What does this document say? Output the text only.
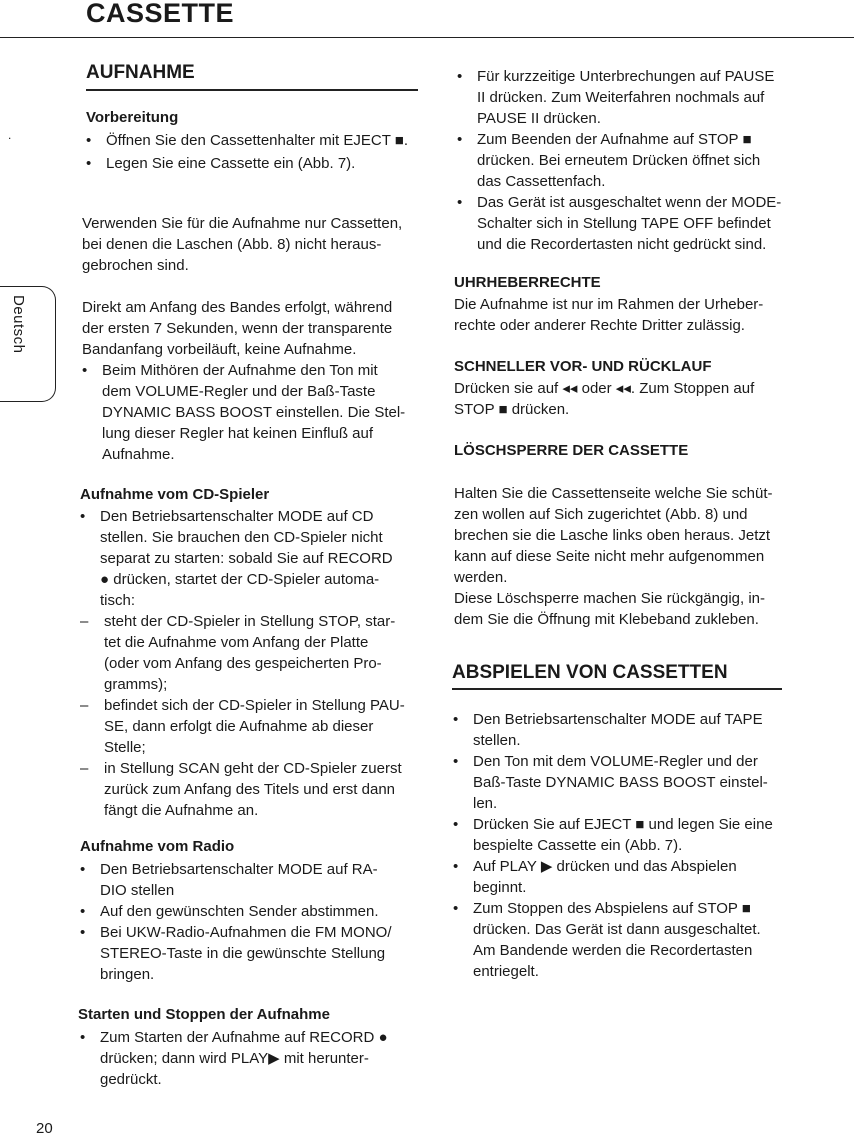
CASSETTE
.
Deutsch
AUFNAHME
Vorbereitung
• Öffnen Sie den Cassettenhalter mit EJECT ■.
• Legen Sie eine Cassette ein (Abb. 7).
Verwenden Sie für die Aufnahme nur Cassetten,
bei denen die Laschen (Abb. 8) nicht heraus-
gebrochen sind.
Direkt am Anfang des Bandes erfolgt, während
der ersten 7 Sekunden, wenn der transparente
Bandanfang vorbeiläuft, keine Aufnahme.
• Beim Mithören der Aufnahme den Ton mit
dem VOLUME-Regler und der Baß-Taste
DYNAMIC BASS BOOST einstellen. Die Stel-
lung dieser Regler hat keinen Einfluß auf
Aufnahme.
Aufnahme vom CD-Spieler
• Den Betriebsartenschalter MODE auf CD
stellen. Sie brauchen den CD-Spieler nicht
separat zu starten: sobald Sie auf RECORD
● drücken, startet der CD-Spieler automa-
tisch:
– steht der CD-Spieler in Stellung STOP, star-
tet die Aufnahme vom Anfang der Platte
(oder vom Anfang des gespeicherten Pro-
gramms);
– befindet sich der CD-Spieler in Stellung PAU-
SE, dann erfolgt die Aufnahme ab dieser
Stelle;
– in Stellung SCAN geht der CD-Spieler zuerst
zurück zum Anfang des Titels und erst dann
fängt die Aufnahme an.
Aufnahme vom Radio
• Den Betriebsartenschalter MODE auf RA-
DIO stellen
• Auf den gewünschten Sender abstimmen.
• Bei UKW-Radio-Aufnahmen die FM MONO/
STEREO-Taste in die gewünschte Stellung
bringen.
Starten und Stoppen der Aufnahme
• Zum Starten der Aufnahme auf RECORD ●
drücken; dann wird PLAY▶ mit herunter-
gedrückt.
20
• Für kurzzeitige Unterbrechungen auf PAUSE
II drücken. Zum Weiterfahren nochmals auf
PAUSE II drücken.
• Zum Beenden der Aufnahme auf STOP ■
drücken. Bei erneutem Drücken öffnet sich
das Cassettenfach.
• Das Gerät ist ausgeschaltet wenn der MODE-
Schalter sich in Stellung TAPE OFF befindet
und die Recordertasten nicht gedrückt sind.
UHRHEBERRECHTE
Die Aufnahme ist nur im Rahmen der Urheber-
rechte oder anderer Rechte Dritter zulässig.
SCHNELLER VOR- UND RÜCKLAUF
Drücken sie auf ◂◂ oder ◂◂. Zum Stoppen auf
STOP ■ drücken.
LÖSCHSPERRE DER CASSETTE
Halten Sie die Cassettenseite welche Sie schüt-
zen wollen auf Sich zugerichtet (Abb. 8) und
brechen sie die Lasche links oben heraus. Jetzt
kann auf diese Seite nicht mehr aufgenommen
werden.
Diese Löschsperre machen Sie rückgängig, in-
dem Sie die Öffnung mit Klebeband zukleben.
ABSPIELEN VON CASSETTEN
• Den Betriebsartenschalter MODE auf TAPE
stellen.
• Den Ton mit dem VOLUME-Regler und der
Baß-Taste DYNAMIC BASS BOOST einstel-
len.
• Drücken Sie auf EJECT ■ und legen Sie eine
bespielte Cassette ein (Abb. 7).
• Auf PLAY ▶ drücken und das Abspielen
beginnt.
• Zum Stoppen des Abspielens auf STOP ■
drücken. Das Gerät ist dann ausgeschaltet.
Am Bandende werden die Recordertasten
entriegelt.
